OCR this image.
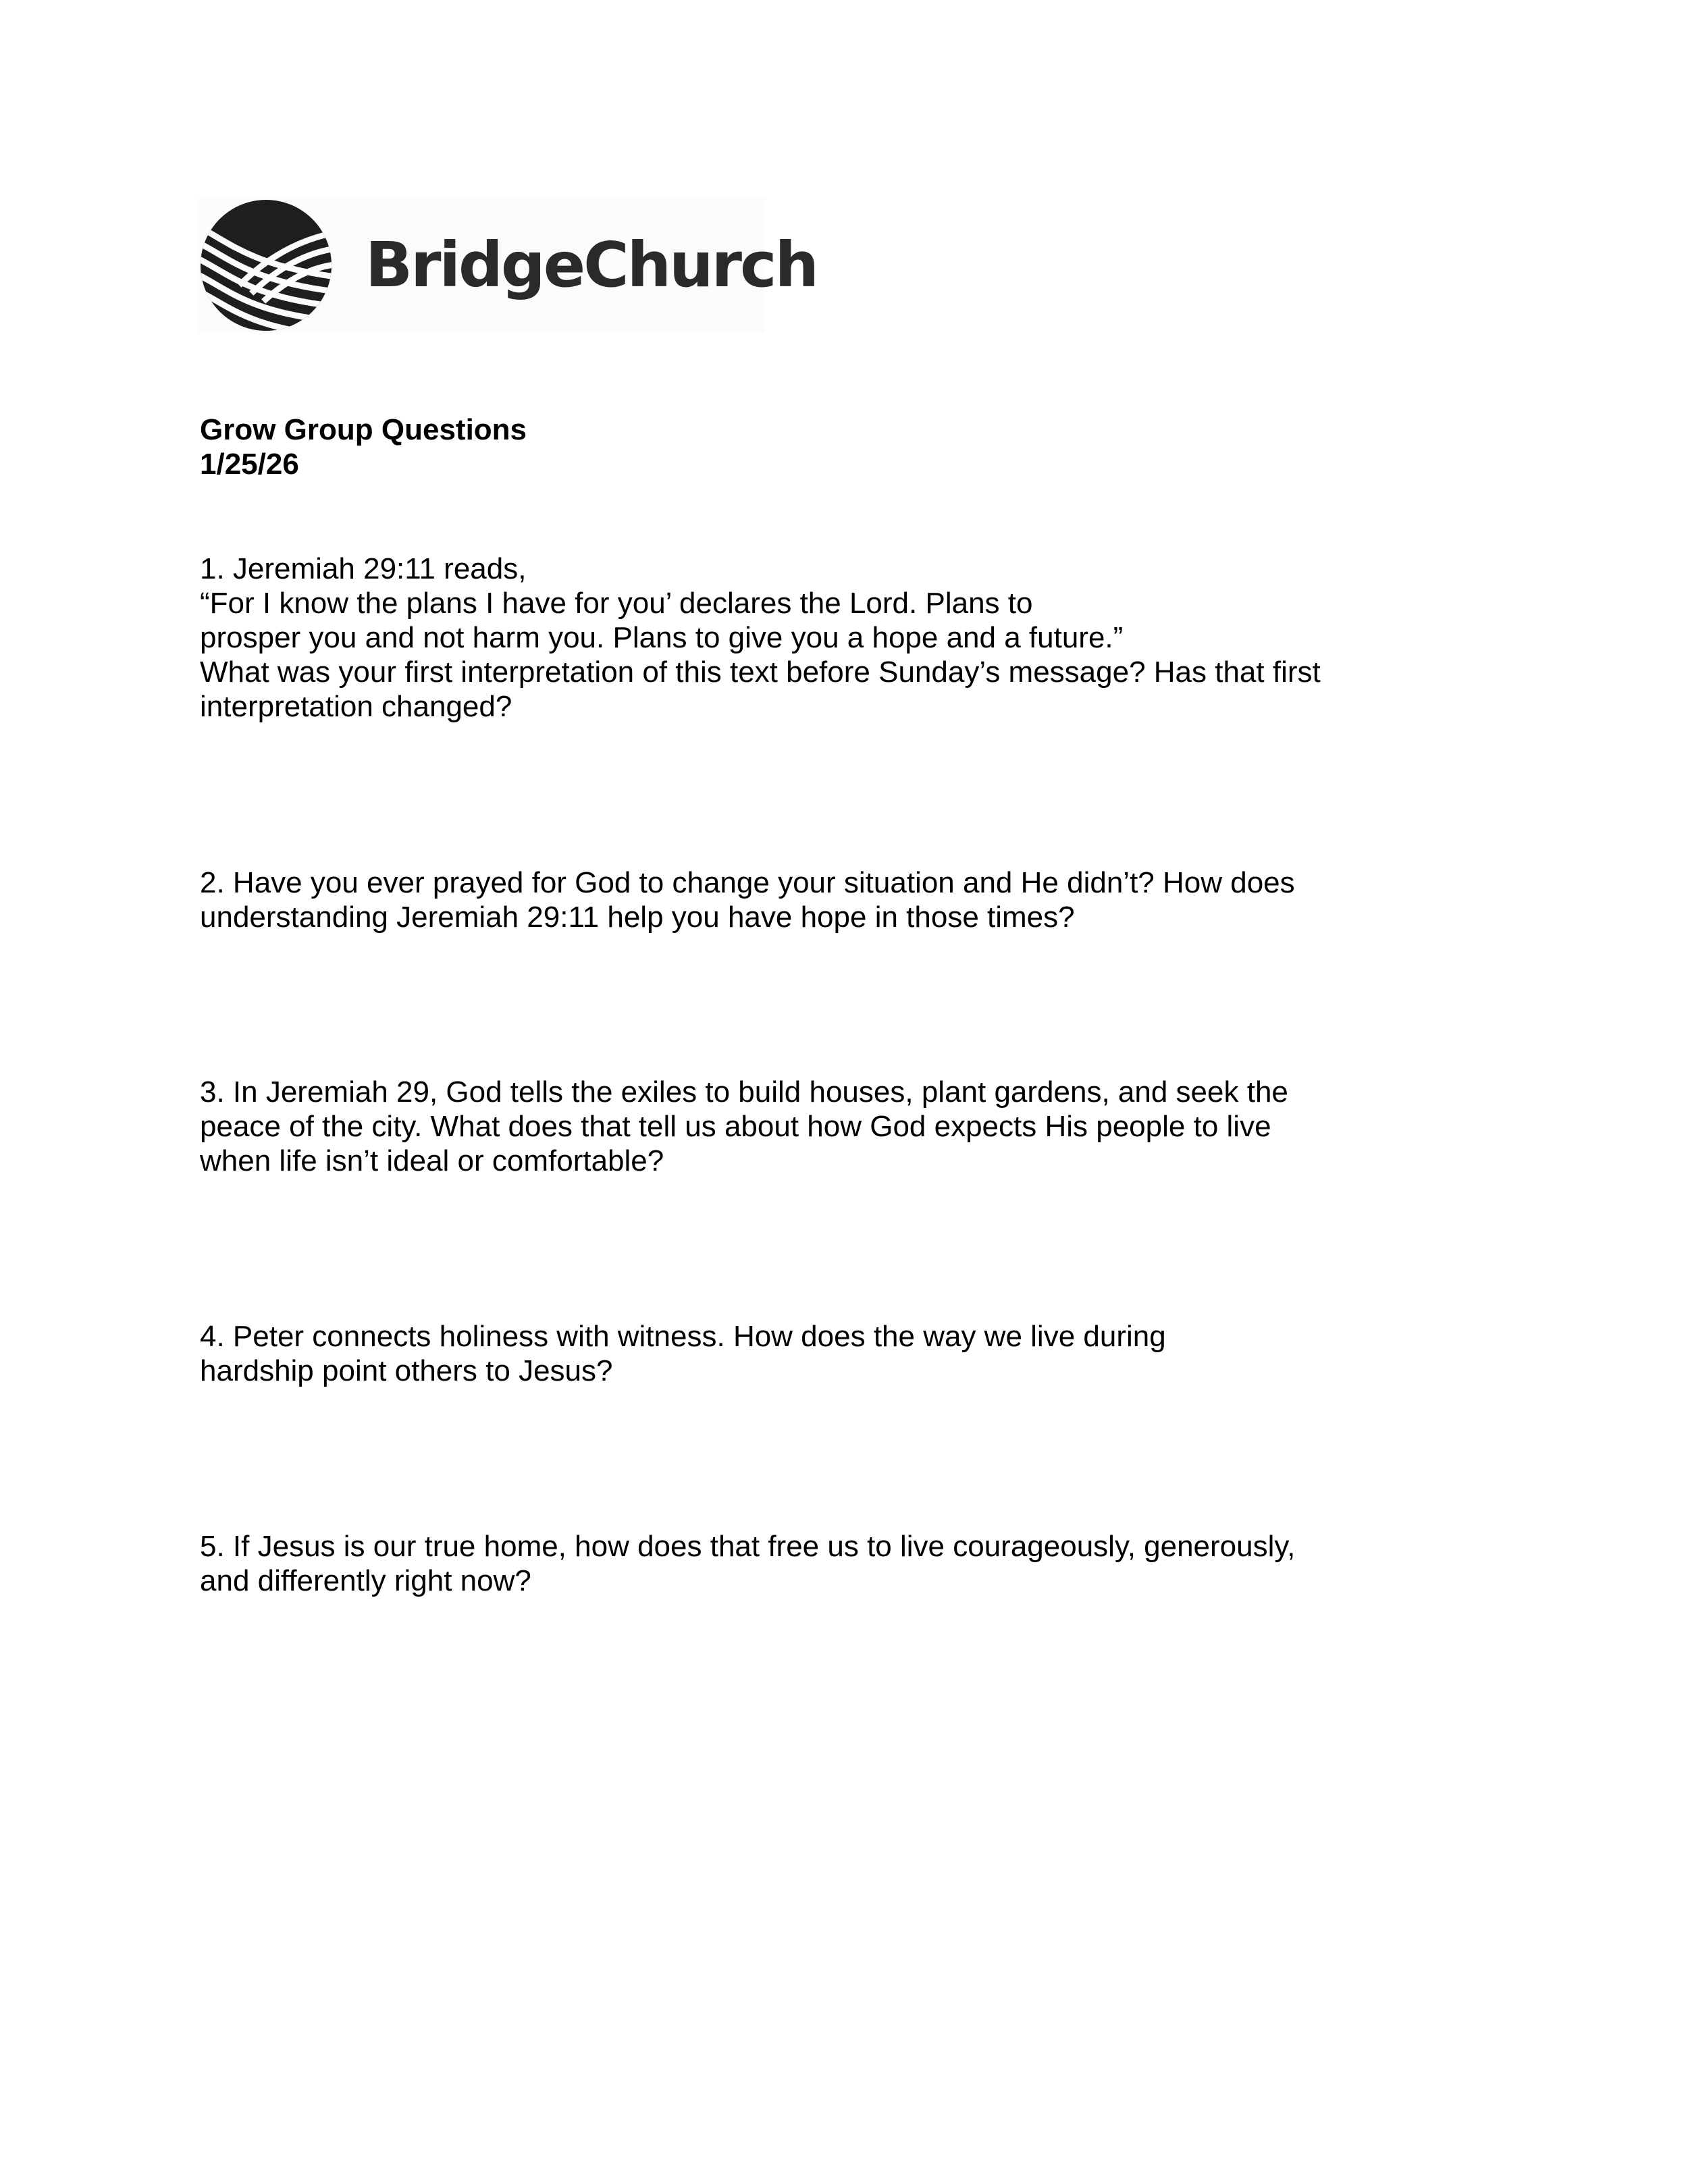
BridgeChurch
Grow Group Questions
1/25/26

1. Jeremiah 29:11 reads,

“For I know the plans I have for you’ declares the Lord. Plans to

prosper you and not harm you. Plans to give you a hope and a future.”

What was your first interpretation of this text before Sunday’s message? Has that first

interpretation changed?

2. Have you ever prayed for God to change your situation and He didn’t? How does

understanding Jeremiah 29:11 help you have hope in those times?

3. In Jeremiah 29, God tells the exiles to build houses, plant gardens, and seek the

peace of the city. What does that tell us about how God expects His people to live

when life isn’t ideal or comfortable?

4. Peter connects holiness with witness. How does the way we live during

hardship point others to Jesus?

5. If Jesus is our true home, how does that free us to live courageously, generously,

and differently right now?
